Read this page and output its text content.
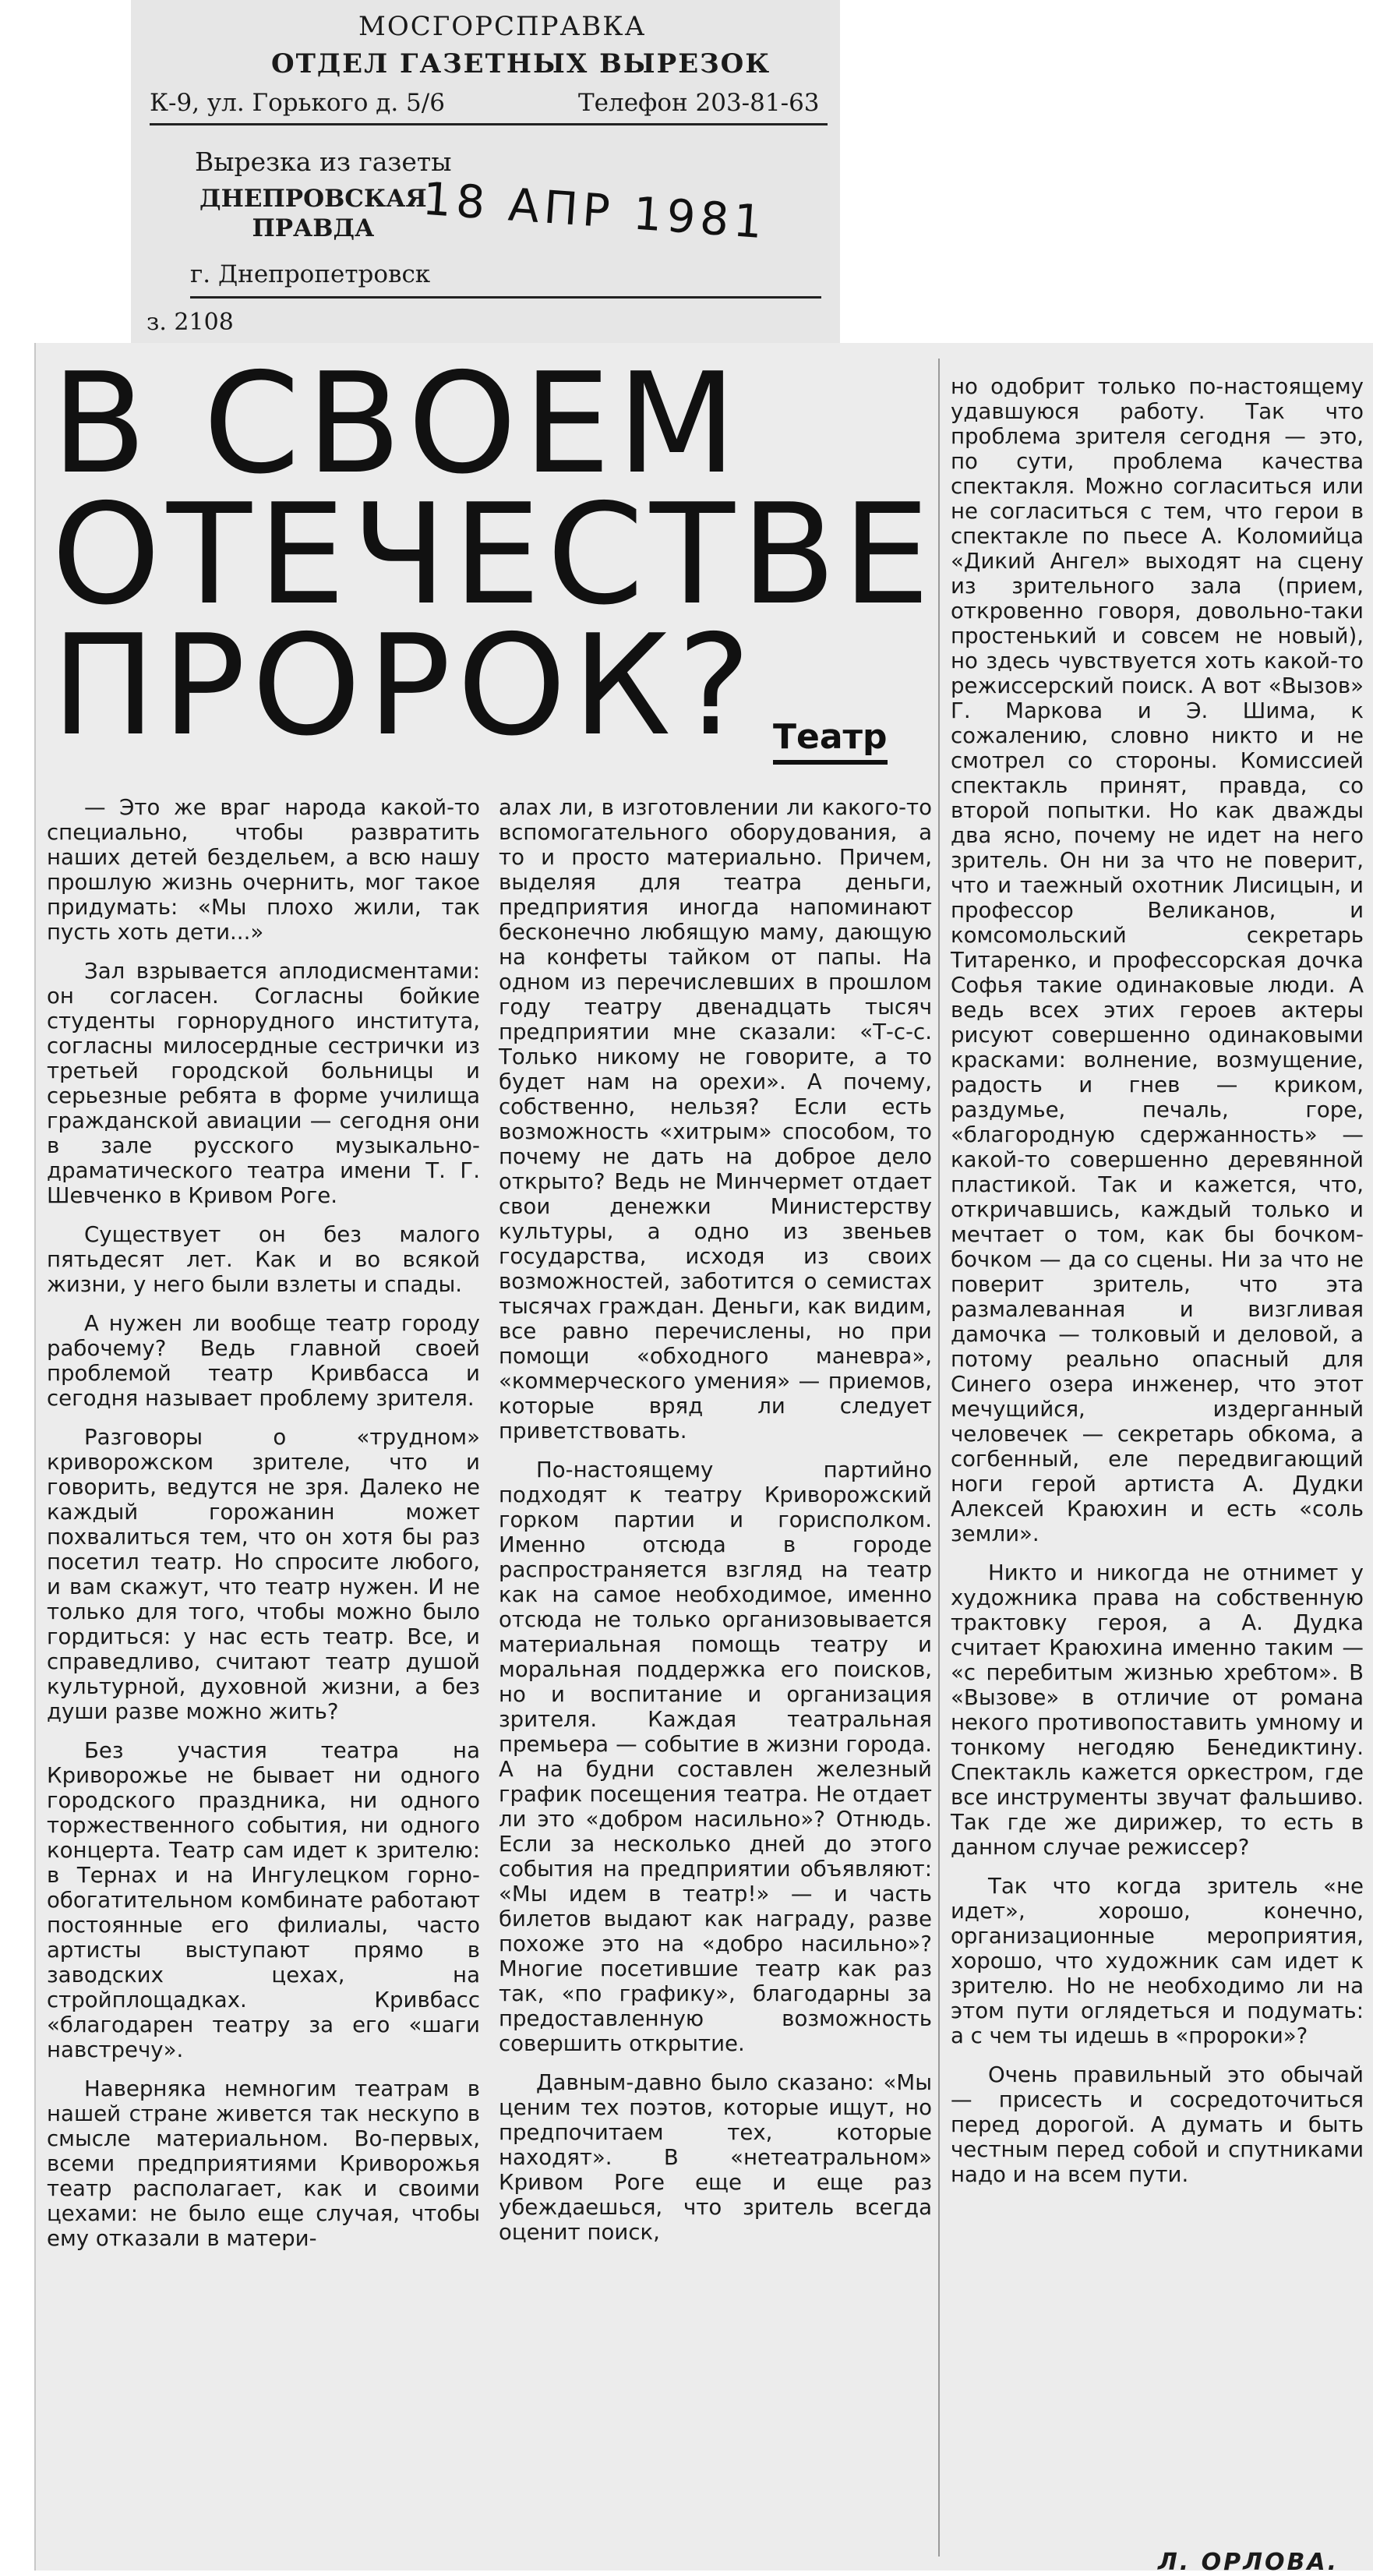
МОСГОРСПРАВКА
ОТДЕЛ ГАЗЕТНЫХ ВЫРЕЗОК
К-9, ул. Горького д. 5/6	Телефон 203-81-63
Вырезка из газеты
ДНЕПРОВСКАЯ
ПРАВДА	18 АПР 1981
г. Днепропетровск
з. 2108
В СВОЕМ
ОТЕЧЕСТВЕ
ПРОРОК? Театр

— Это же враг народа какой-то специально, чтобы развратить наших детей бездельем, а всю нашу прошлую жизнь очернить, мог такое придумать: «Мы плохо жили, так пусть хоть дети...»

Зал взрывается аплодисментами: он согласен. Согласны бойкие студенты горнорудного института, согласны милосердные сестрички из третьей городской больницы и серьезные ребята в форме училища гражданской авиации — сегодня они в зале русского музыкально-драматического театра имени Т. Г. Шевченко в Кривом Роге.

Существует он без малого пятьдесят лет. Как и во всякой жизни, у него были взлеты и спады.

А нужен ли вообще театр городу рабочему? Ведь главной своей проблемой театр Кривбасса и сегодня называет проблему зрителя.

Разговоры о «трудном» криворожском зрителе, что и говорить, ведутся не зря. Далеко не каждый горожанин может похвалиться тем, что он хотя бы раз посетил театр. Но спросите любого, и вам скажут, что театр нужен. И не только для того, чтобы можно было гордиться: у нас есть театр. Все, и справедливо, считают театр душой культурной, духовной жизни, а без души разве можно жить?

Без участия театра на Криворожье не бывает ни одного городского праздника, ни одного торжественного события, ни одного концерта. Театр сам идет к зрителю: в Тернах и на Ингулецком горно-обогатительном комбинате работают постоянные его филиалы, часто артисты выступают прямо в заводских цехах, на стройплощадках. Кривбасс «благодарен театру за его «шаги навстречу».

Наверняка немногим театрам в нашей стране живется так нескупо в смысле материальном. Во-первых, всеми предприятиями Криворожья театр располагает, как и своими цехами: не было еще случая, чтобы ему отказали в матери-

алах ли, в изготовлении ли какого-то вспомогательного оборудования, а то и просто материально. Причем, выделяя для театра деньги, предприятия иногда напоминают бесконечно любящую маму, дающую на конфеты тайком от папы. На одном из перечислевших в прошлом году театру двенадцать тысяч предприятии мне сказали: «Т-с-с. Только никому не говорите, а то будет нам на орехи». А почему, собственно, нельзя? Если есть возможность «хитрым» способом, то почему не дать на доброе дело открыто? Ведь не Минчермет отдает свои денежки Министерству культуры, а одно из звеньев государства, исходя из своих возможностей, заботится о семистах тысячах граждан. Деньги, как видим, все равно перечислены, но при помощи «обходного маневра», «коммерческого умения» — приемов, которые вряд ли следует приветствовать.

По-настоящему партийно подходят к театру Криворожский горком партии и горисполком. Именно отсюда в городе распространяется взгляд на театр как на самое необходимое, именно отсюда не только организовывается материальная помощь театру и моральная поддержка его поисков, но и воспитание и организация зрителя. Каждая театральная премьера — событие в жизни города. А на будни составлен железный график посещения театра. Не отдает ли это «добром насильно»? Отнюдь. Если за несколько дней до этого события на предприятии объявляют: «Мы идем в театр!» — и часть билетов выдают как награду, разве похоже это на «добро насильно»? Многие посетившие театр как раз так, «по графику», благодарны за предоставленную возможность совершить открытие.

Давным-давно было сказано: «Мы ценим тех поэтов, которые ищут, но предпочитаем тех, которые находят». В «нетеатральном» Кривом Роге еще и еще раз убеждаешься, что зритель всегда оценит поиск,

но одобрит только по-настоящему удавшуюся работу. Так что проблема зрителя сегодня — это, по сути, проблема качества спектакля. Можно соглаcиться или не согласиться с тем, что герои в спектакле по пьесе А. Коломийца «Дикий Ангел» выходят на сцену из зрительного зала (прием, откровенно говоря, довольно-таки простенький и совсем не новый), но здесь чувствуется хоть какой-то режиссерский поиск. А вот «Вызов» Г. Маркова и Э. Шима, к сожалению, словно никто и не смотрел со стороны. Комиссией спектакль принят, правда, со второй попытки. Но как дважды два ясно, почему не идет на него зритель. Он ни за что не поверит, что и таежный охотник Лисицын, и профессор Великанов, и комсомольский секретарь Титаренко, и профессорская дочка Софья такие одинаковые люди. А ведь всех этих героев актеры рисуют совершенно одинаковыми красками: волнение, возмущение, радость и гнев — криком, раздумье, печаль, горе, «благородную сдержанность» — какой-то совершенно деревянной пластикой. Так и кажется, что, откричавшись, каждый только и мечтает о том, как бы бочком-бочком — да со сцены. Ни за что не поверит зритель, что эта размалеванная и визгливая дамочка — толковый и деловой, а потому реально опасный для Синего озера инженер, что этот мечущийся, издерганный человечек — секретарь обкома, а согбенный, еле передвигающий ноги герой артиста А. Дудки Алексей Краюхин и есть «соль земли».

Никто и никогда не отнимет у художника права на собственную трактовку героя, а А. Дудка считает Краюхина именно таким — «с перебитым жизнью хребтом». В «Вызове» в отличие от романа некого противопоставить умному и тонкому негодяю Бенедиктину. Спектакль кажется оркестром, где все инструменты звучат фальшиво. Так где же дирижер, то есть в данном случае режиссер?

Так что когда зритель «не идет», хорошо, конечно, организационные мероприятия, хорошо, что художник сам идет к зрителю. Но не необходимо ли на этом пути оглядеться и подумать: а с чем ты идешь в «пророки»?

Очень правильный это обычай — присесть и сосредоточиться перед дорогой. А думать и быть честным перед собой и спутниками надо и на всем пути.

Л. ОРЛОВА.
